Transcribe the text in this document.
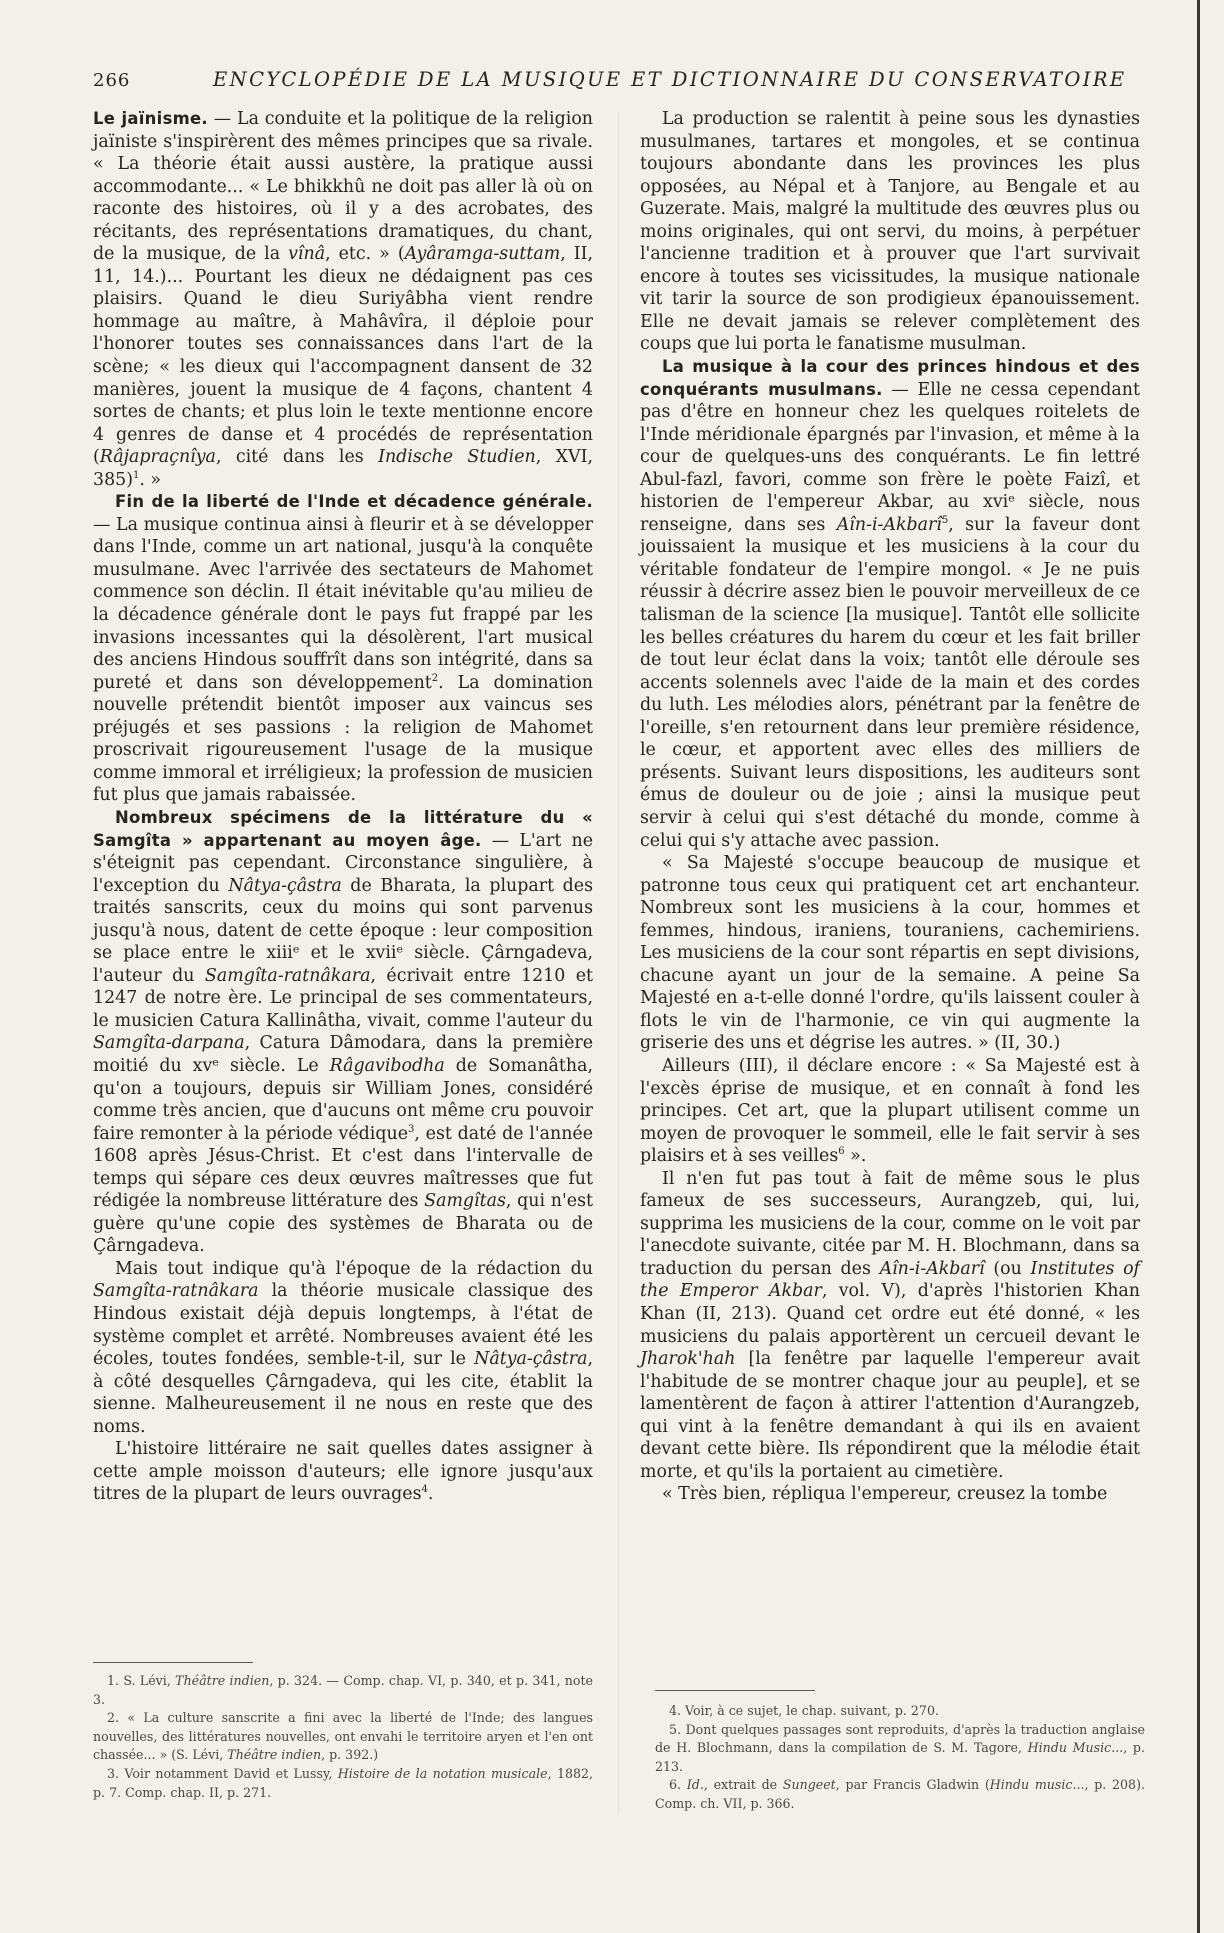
266	ENCYCLOPÉDIE DE LA MUSIQUE ET DICTIONNAIRE DU CONSERVATOIRE

Le jaïnisme. — La conduite et la politique de la religion jaïniste s'inspirèrent des mêmes principes que sa rivale. « La théorie était aussi austère, la pratique aussi accommodante... « Le bhikkhû ne doit pas aller là où on raconte des histoires, où il y a des acrobates, des récitants, des représentations dramatiques, du chant, de la musique, de la vînâ, etc. » (Ayâramga-suttam, II, 11, 14.)... Pourtant les dieux ne dédaignent pas ces plaisirs. Quand le dieu Suriyâbha vient rendre hommage au maître, à Mahâvîra, il déploie pour l'honorer toutes ses connaissances dans l'art de la scène; « les dieux qui l'accompagnent dansent de 32 manières, jouent la musique de 4 façons, chantent 4 sortes de chants; et plus loin le texte mentionne encore 4 genres de danse et 4 procédés de représentation (Râjapraçnîya, cité dans les Indische Studien, XVI, 385)$^1$. »

Fin de la liberté de l'Inde et décadence générale. — La musique continua ainsi à fleurir et à se développer dans l'Inde, comme un art national, jusqu'à la conquête musulmane. Avec l'arrivée des sectateurs de Mahomet commence son déclin. Il était inévitable qu'au milieu de la décadence générale dont le pays fut frappé par les invasions incessantes qui la désolèrent, l'art musical des anciens Hindous souffrît dans son intégrité, dans sa pureté et dans son développement$^2$. La domination nouvelle prétendit bientôt imposer aux vaincus ses préjugés et ses passions : la religion de Mahomet proscrivait rigoureusement l'usage de la musique comme immoral et irréligieux; la profession de musicien fut plus que jamais rabaissée.

Nombreux spécimens de la littérature du « Samgîta » appartenant au moyen âge. — L'art ne s'éteignit pas cependant. Circonstance singulière, à l'exception du Nâtya-çâstra de Bharata, la plupart des traités sanscrits, ceux du moins qui sont parvenus jusqu'à nous, datent de cette époque : leur composition se place entre le xiiiᵉ et le xviiᵉ siècle. Çârngadeva, l'auteur du Samgîta-ratnâkara, écrivait entre 1210 et 1247 de notre ère. Le principal de ses commentateurs, le musicien Catura Kallinâtha, vivait, comme l'auteur du Samgîta-darpana, Catura Dâmodara, dans la première moitié du xvᵉ siècle. Le Râgavibodha de Somanâtha, qu'on a toujours, depuis sir William Jones, considéré comme très ancien, que d'aucuns ont même cru pouvoir faire remonter à la période védique$^3$, est daté de l'année 1608 après Jésus-Christ. Et c'est dans l'intervalle de temps qui sépare ces deux œuvres maîtresses que fut rédigée la nombreuse littérature des Samgîtas, qui n'est guère qu'une copie des systèmes de Bharata ou de Çârngadeva.

Mais tout indique qu'à l'époque de la rédaction du Samgîta-ratnâkara la théorie musicale classique des Hindous existait déjà depuis longtemps, à l'état de système complet et arrêté. Nombreuses avaient été les écoles, toutes fondées, semble-t-il, sur le Nâtya-çâstra, à côté desquelles Çârngadeva, qui les cite, établit la sienne. Malheureusement il ne nous en reste que des noms.

L'histoire littéraire ne sait quelles dates assigner à cette ample moisson d'auteurs; elle ignore jusqu'aux titres de la plupart de leurs ouvrages$^4$.

1. S. Lévi, Théâtre indien, p. 324. — Comp. chap. VI, p. 340, et p. 341, note 3.

2. « La culture sanscrite a fini avec la liberté de l'Inde; des langues nouvelles, des littératures nouvelles, ont envahi le territoire aryen et l'en ont chassée... » (S. Lévi, Théâtre indien, p. 392.)

3. Voir notamment David et Lussy, Histoire de la notation musicale, 1882, p. 7. Comp. chap. II, p. 271.

La production se ralentit à peine sous les dynasties musulmanes, tartares et mongoles, et se continua toujours abondante dans les provinces les plus opposées, au Népal et à Tanjore, au Bengale et au Guzerate. Mais, malgré la multitude des œuvres plus ou moins originales, qui ont servi, du moins, à perpétuer l'ancienne tradition et à prouver que l'art survivait encore à toutes ses vicissitudes, la musique nationale vit tarir la source de son prodigieux épanouissement. Elle ne devait jamais se relever complètement des coups que lui porta le fanatisme musulman.

La musique à la cour des princes hindous et des conquérants musulmans. — Elle ne cessa cependant pas d'être en honneur chez les quelques roitelets de l'Inde méridionale épargnés par l'invasion, et même à la cour de quelques-uns des conquérants. Le fin lettré Abul-fazl, favori, comme son frère le poète Faizî, et historien de l'empereur Akbar, au xviᵉ siècle, nous renseigne, dans ses Aîn-i-Akbarî$^5$, sur la faveur dont jouissaient la musique et les musiciens à la cour du véritable fondateur de l'empire mongol. « Je ne puis réussir à décrire assez bien le pouvoir merveilleux de ce talisman de la science [la musique]. Tantôt elle sollicite les belles créatures du harem du cœur et les fait briller de tout leur éclat dans la voix; tantôt elle déroule ses accents solennels avec l'aide de la main et des cordes du luth. Les mélodies alors, pénétrant par la fenêtre de l'oreille, s'en retournent dans leur première résidence, le cœur, et apportent avec elles des milliers de présents. Suivant leurs dispositions, les auditeurs sont émus de douleur ou de joie ; ainsi la musique peut servir à celui qui s'est détaché du monde, comme à celui qui s'y attache avec passion.

« Sa Majesté s'occupe beaucoup de musique et patronne tous ceux qui pratiquent cet art enchanteur. Nombreux sont les musiciens à la cour, hommes et femmes, hindous, iraniens, touraniens, cachemiriens. Les musiciens de la cour sont répartis en sept divisions, chacune ayant un jour de la semaine. A peine Sa Majesté en a-t-elle donné l'ordre, qu'ils laissent couler à flots le vin de l'harmonie, ce vin qui augmente la griserie des uns et dégrise les autres. » (II, 30.)

Ailleurs (III), il déclare encore : « Sa Majesté est à l'excès éprise de musique, et en connaît à fond les principes. Cet art, que la plupart utilisent comme un moyen de provoquer le sommeil, elle le fait servir à ses plaisirs et à ses veilles$^6$ ».

Il n'en fut pas tout à fait de même sous le plus fameux de ses successeurs, Aurangzeb, qui, lui, supprima les musiciens de la cour, comme on le voit par l'anecdote suivante, citée par M. H. Blochmann, dans sa traduction du persan des Aîn-i-Akbarî (ou Institutes of the Emperor Akbar, vol. V), d'après l'historien Khan Khan (II, 213). Quand cet ordre eut été donné, « les musiciens du palais apportèrent un cercueil devant le Jharok'hah [la fenêtre par laquelle l'empereur avait l'habitude de se montrer chaque jour au peuple], et se lamentèrent de façon à attirer l'attention d'Aurangzeb, qui vint à la fenêtre demandant à qui ils en avaient devant cette bière. Ils répondirent que la mélodie était morte, et qu'ils la portaient au cimetière.

« Très bien, répliqua l'empereur, creusez la tombe

4. Voir, à ce sujet, le chap. suivant, p. 270.

5. Dont quelques passages sont reproduits, d'après la traduction anglaise de H. Blochmann, dans la compilation de S. M. Tagore, Hindu Music..., p. 213.

6. Id., extrait de Sungeet, par Francis Gladwin (Hindu music..., p. 208). Comp. ch. VII, p. 366.
